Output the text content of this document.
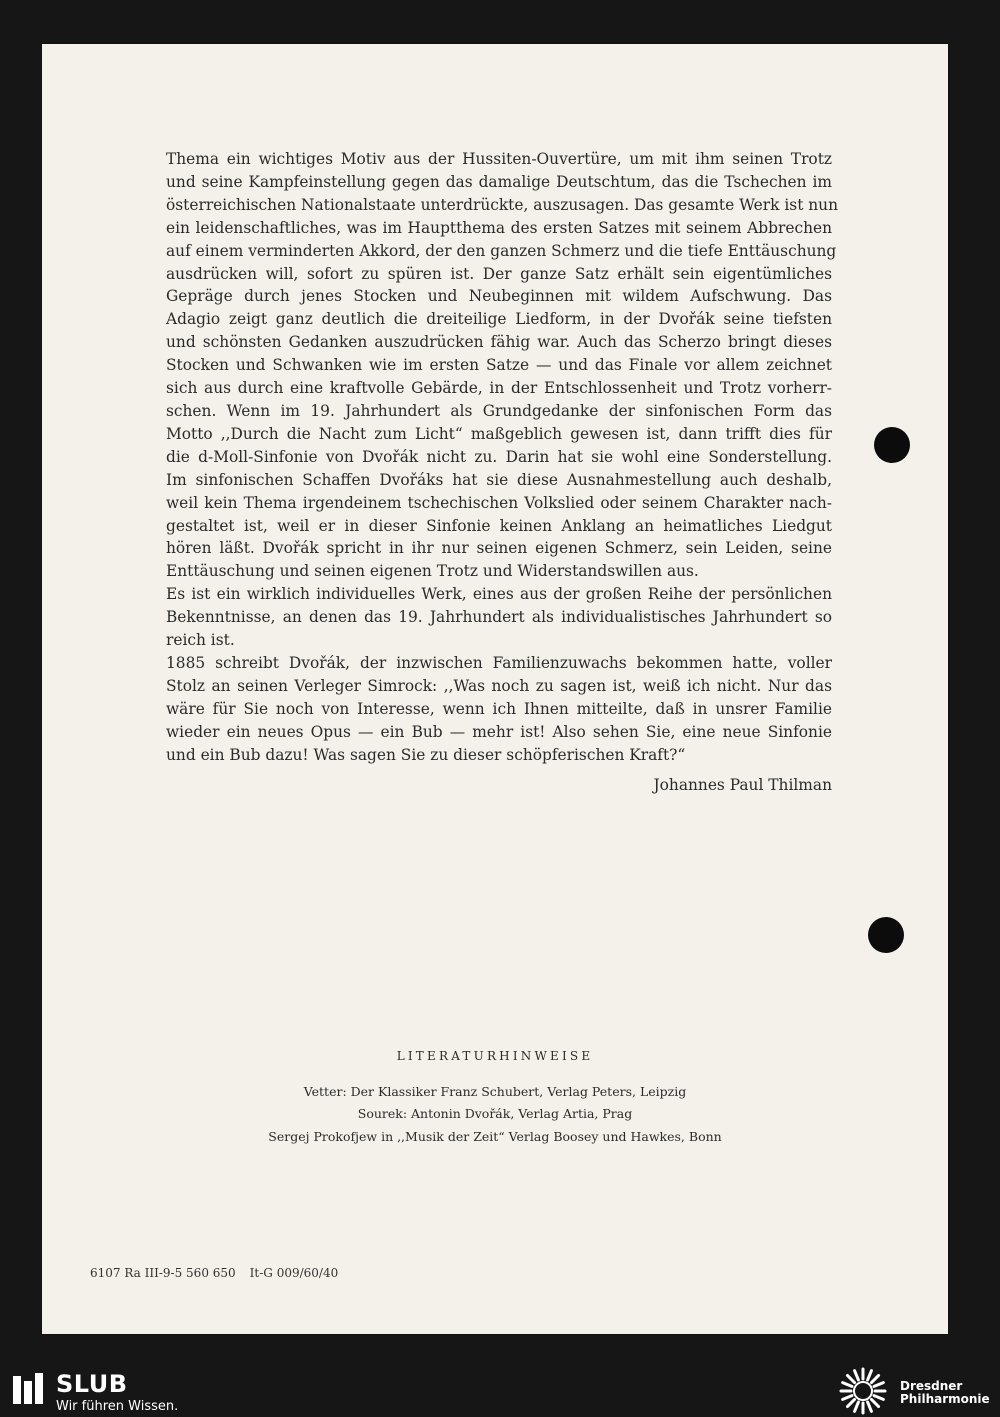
Thema ein wichtiges Motiv aus der Hussiten-Ouvertüre, um mit ihm seinen Trotz
und seine Kampfeinstellung gegen das damalige Deutschtum, das die Tschechen im
österreichischen Nationalstaate unterdrückte, auszusagen. Das gesamte Werk ist nun
ein leidenschaftliches, was im Hauptthema des ersten Satzes mit seinem Abbrechen
auf einem verminderten Akkord, der den ganzen Schmerz und die tiefe Enttäuschung
ausdrücken will, sofort zu spüren ist. Der ganze Satz erhält sein eigentümliches
Gepräge durch jenes Stocken und Neubeginnen mit wildem Aufschwung. Das
Adagio zeigt ganz deutlich die dreiteilige Liedform, in der Dvořák seine tiefsten
und schönsten Gedanken auszudrücken fähig war. Auch das Scherzo bringt dieses
Stocken und Schwanken wie im ersten Satze — und das Finale vor allem zeichnet
sich aus durch eine kraftvolle Gebärde, in der Entschlossenheit und Trotz vorherr-
schen. Wenn im 19. Jahrhundert als Grundgedanke der sinfonischen Form das
Motto ,,Durch die Nacht zum Licht“ maßgeblich gewesen ist, dann trifft dies für
die d-Moll-Sinfonie von Dvořák nicht zu. Darin hat sie wohl eine Sonderstellung.
Im sinfonischen Schaffen Dvořáks hat sie diese Ausnahmestellung auch deshalb,
weil kein Thema irgendeinem tschechischen Volkslied oder seinem Charakter nach-
gestaltet ist, weil er in dieser Sinfonie keinen Anklang an heimatliches Liedgut
hören läßt. Dvořák spricht in ihr nur seinen eigenen Schmerz, sein Leiden, seine
Enttäuschung und seinen eigenen Trotz und Widerstandswillen aus.
Es ist ein wirklich individuelles Werk, eines aus der großen Reihe der persönlichen
Bekenntnisse, an denen das 19. Jahrhundert als individualistisches Jahrhundert so
reich ist.
1885 schreibt Dvořák, der inzwischen Familienzuwachs bekommen hatte, voller
Stolz an seinen Verleger Simrock: ,,Was noch zu sagen ist, weiß ich nicht. Nur das
wäre für Sie noch von Interesse, wenn ich Ihnen mitteilte, daß in unsrer Familie
wieder ein neues Opus — ein Bub — mehr ist! Also sehen Sie, eine neue Sinfonie
und ein Bub dazu! Was sagen Sie zu dieser schöpferischen Kraft?“
Johannes Paul Thilman
LITERATURHINWEISE
Vetter: Der Klassiker Franz Schubert, Verlag Peters, Leipzig
Sourek: Antonin Dvořák, Verlag Artia, Prag
Sergej Prokofjew in ,,Musik der Zeit“ Verlag Boosey und Hawkes, Bonn
6107 Ra III-9-5 560 650 It-G 009/60/40
SLUB
Wir führen Wissen.
Dresdner
Philharmonie
